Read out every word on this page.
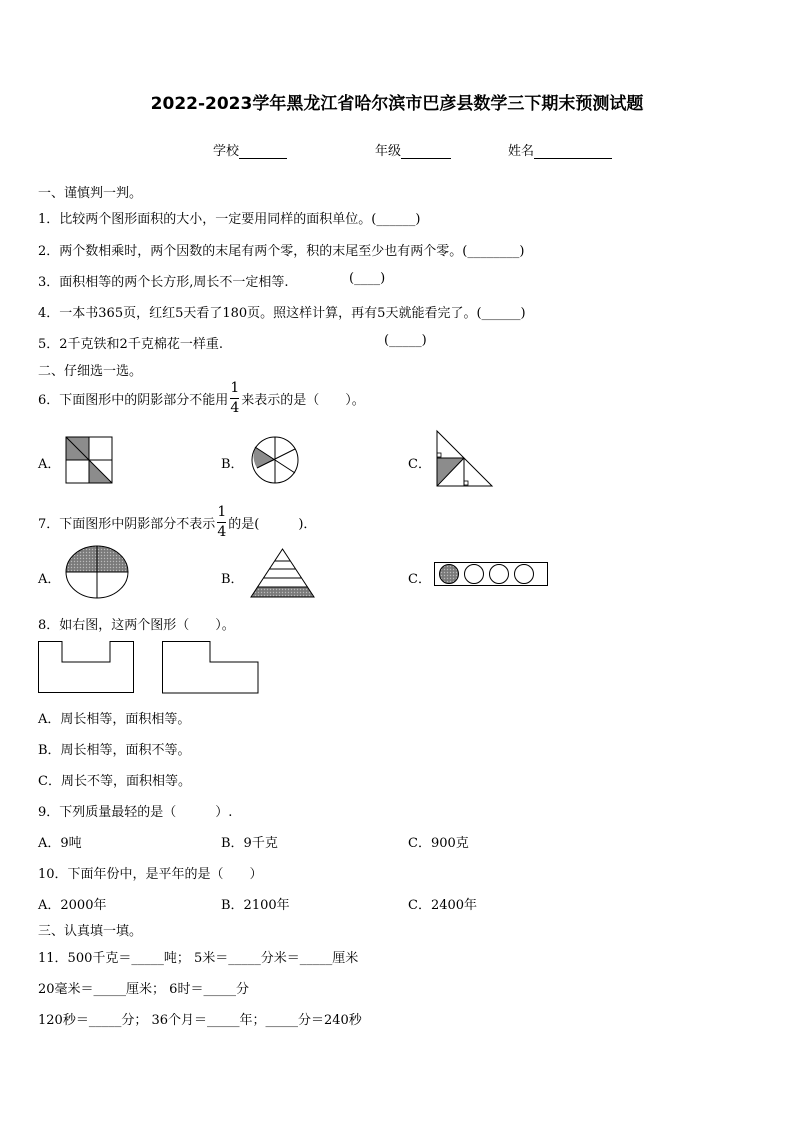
2022-2023学年黑龙江省哈尔滨市巴彦县数学三下期末预测试题
学校	年级	姓名
一、谨慎判一判。
1．比较两个图形面积的大小，一定要用同样的面积单位。(______)
2．两个数相乘时，两个因数的末尾有两个零，积的末尾至少也有两个零。(________)
3．面积相等的两个长方形,周长不一定相等.	(____)
4．一本书365页，红红5天看了180页。照这样计算，再有5天就能看完了。(______)
5．2千克铁和2千克棉花一样重.	(_____)
二、仔细选一选。
6．下面图形中的阴影部分不能用 $\frac{1}{4}$ 来表示的是（　　）。
A．	B．	C．
7．下面图形中阴影部分不表示 $\frac{1}{4}$ 的是(　　　)．
A．	B．	C．
8．如右图，这两个图形（　　）。
A．周长相等，面积相等。
B．周长相等，面积不等。
C．周长不等，面积相等。
9．下列质量最轻的是（　　　）.
A．9吨	B．9千克	C．900克
10．下面年份中，是平年的是（　　）
A．2000年	B．2100年	C．2400年
三、认真填一填。
11．500千克＝_____吨； 5米＝_____分米＝_____厘米
20毫米＝_____厘米； 6时＝_____分
120秒＝_____分； 36个月＝_____年；_____分＝240秒
